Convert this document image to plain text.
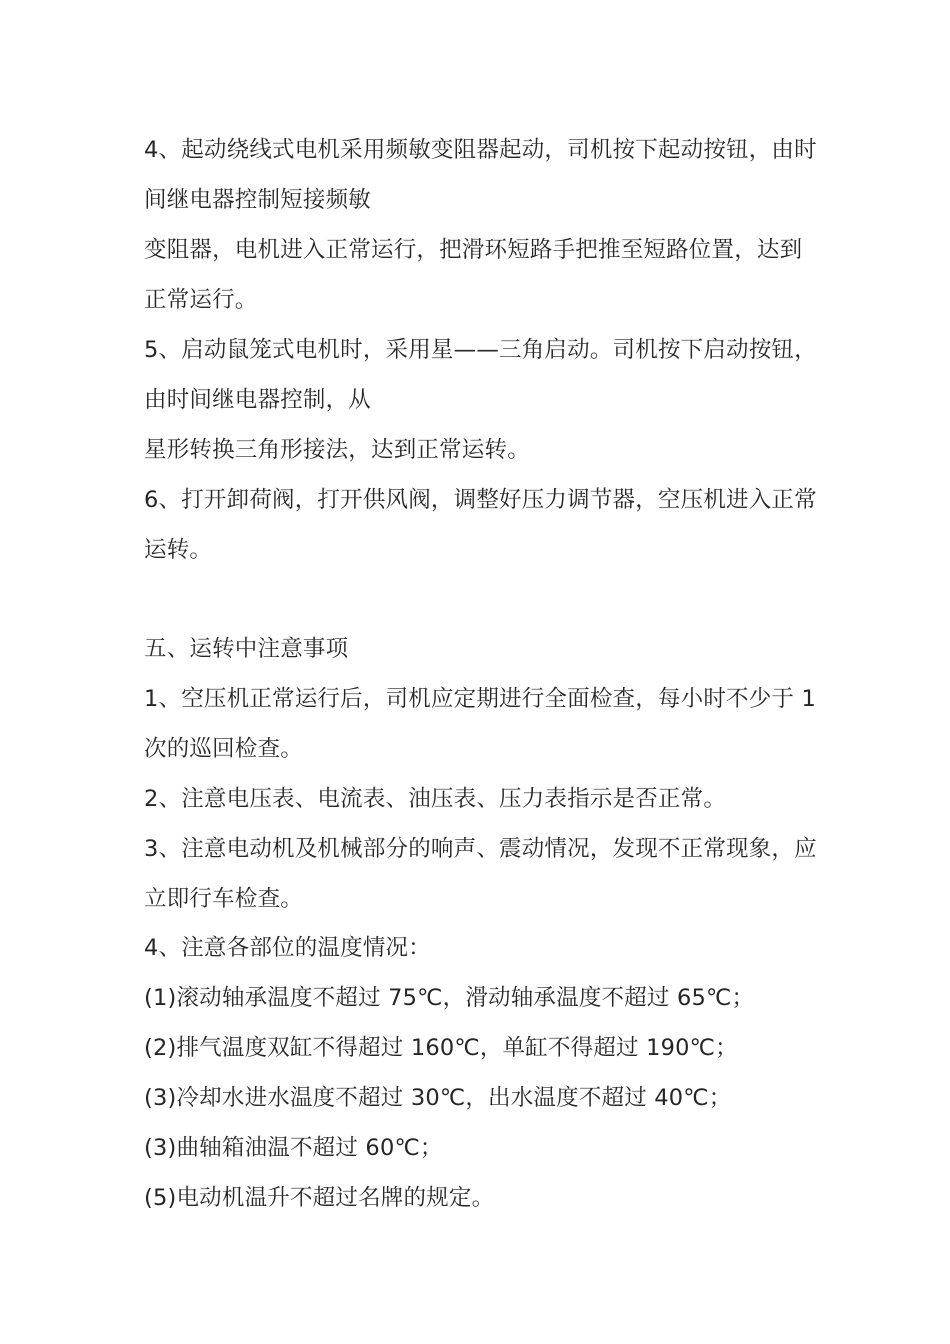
4、起动绕线式电机采用频敏变阻器起动，司机按下起动按钮，由时
间继电器控制短接频敏
变阻器，电机进入正常运行，把滑环短路手把推至短路位置，达到
正常运行。
5、启动鼠笼式电机时，采用星——三角启动。司机按下启动按钮，
由时间继电器控制，从
星形转换三角形接法，达到正常运转。
6、打开卸荷阀，打开供风阀，调整好压力调节器，空压机进入正常
运转。
五、运转中注意事项
1、空压机正常运行后，司机应定期进行全面检查，每小时不少于 1
次的巡回检查。
2、注意电压表、电流表、油压表、压力表指示是否正常。
3、注意电动机及机械部分的响声、震动情况，发现不正常现象，应
立即行车检查。
4、注意各部位的温度情况：
(1)滚动轴承温度不超过 75℃，滑动轴承温度不超过 65℃；
(2)排气温度双缸不得超过 160℃，单缸不得超过 190℃；
(3)冷却水进水温度不超过 30℃，出水温度不超过 40℃；
(3)曲轴箱油温不超过 60℃；
(5)电动机温升不超过名牌的规定。
